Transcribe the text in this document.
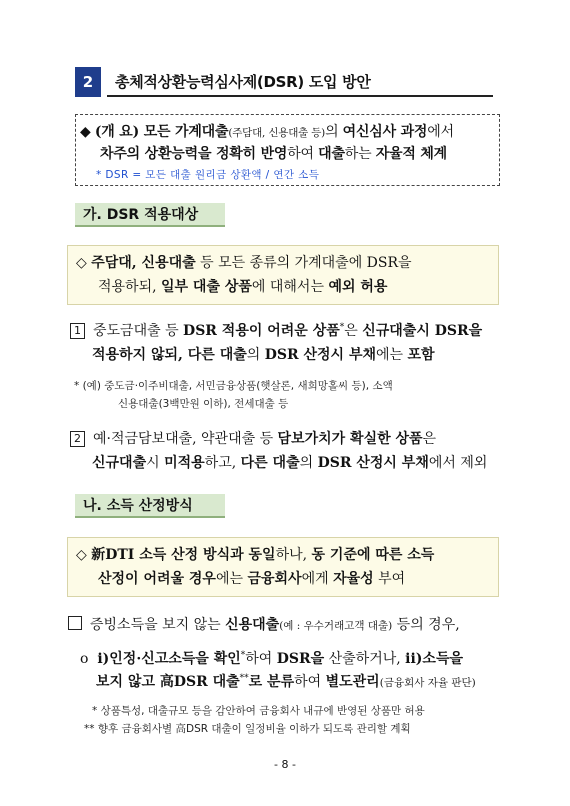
2	총체적상환능력심사제(DSR) 도입 방안
◆ (개 요) 모든 가계대출(주담대, 신용대출 등)의 여신심사 과정에서
차주의 상환능력을 정확히 반영하여 대출하는 자율적 체계
* DSR = 모든 대출 원리금 상환액 / 연간 소득
가. DSR 적용대상
◇ 주담대, 신용대출 등 모든 종류의 가계대출에 DSR을
적용하되, 일부 대출 상품에 대해서는 예외 허용
1 중도금대출 등 DSR 적용이 어려운 상품*은 신규대출시 DSR을
적용하지 않되, 다른 대출의 DSR 산정시 부채에는 포함
* (예) 중도금·이주비대출, 서민금융상품(햇살론, 새희망홀씨 등), 소액
신용대출(3백만원 이하), 전세대출 등
2 예·적금담보대출, 약관대출 등 담보가치가 확실한 상품은
신규대출시 미적용하고, 다른 대출의 DSR 산정시 부채에서 제외
나. 소득 산정방식
◇ 新DTI 소득 산정 방식과 동일하나, 동 기준에 따른 소득
산정이 어려울 경우에는 금융회사에게 자율성 부여
증빙소득을 보지 않는 신용대출(예 : 우수거래고객 대출) 등의 경우,
o i)인정·신고소득을 확인*하여 DSR을 산출하거나, ii)소득을
보지 않고 高DSR 대출**로 분류하여 별도관리(금융회사 자율 판단)
* 상품특성, 대출규모 등을 감안하여 금융회사 내규에 반영된 상품만 허용
** 향후 금융회사별 高DSR 대출이 일정비율 이하가 되도록 관리할 계획
- 8 -
